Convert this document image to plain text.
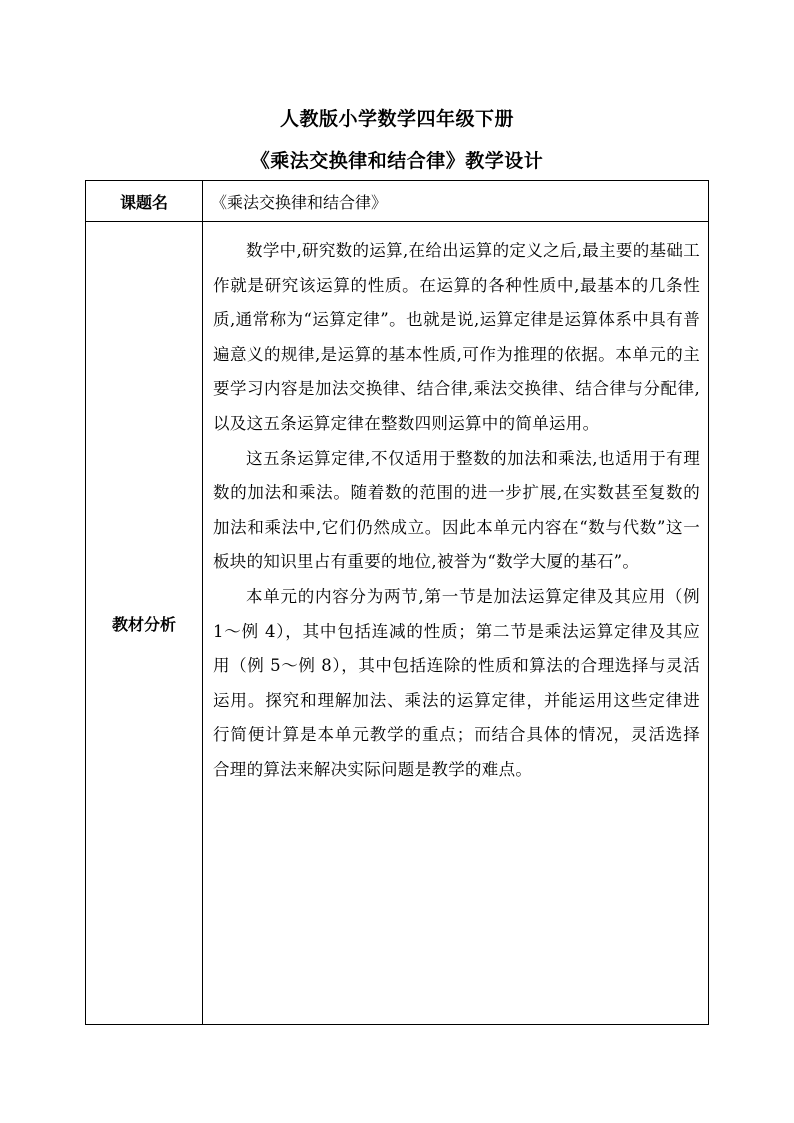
人教版小学数学四年级下册
《乘法交换律和结合律》教学设计
课题名	《乘法交换律和结合律》
教材分析	数学中,研究数的运算,在给出运算的定义之后,最主要的基础工作就是研究该运算的性质。在运算的各种性质中,最基本的几条性质,通常称为“运算定律”。也就是说,运算定律是运算体系中具有普遍意义的规律,是运算的基本性质,可作为推理的依据。本单元的主要学习内容是加法交换律、结合律,乘法交换律、结合律与分配律,以及这五条运算定律在整数四则运算中的简单运用。

这五条运算定律,不仅适用于整数的加法和乘法,也适用于有理数的加法和乘法。随着数的范围的进一步扩展,在实数甚至复数的加法和乘法中,它们仍然成立。因此本单元内容在“数与代数”这一板块的知识里占有重要的地位,被誉为“数学大厦的基石”。

本单元的内容分为两节,第一节是加法运算定律及其应用（例 1～例 4），其中包括连减的性质；第二节是乘法运算定律及其应用（例 5～例 8），其中包括连除的性质和算法的合理选择与灵活运用。探究和理解加法、乘法的运算定律，并能运用这些定律进行简便计算是本单元教学的重点；而结合具体的情况，灵活选择合理的算法来解决实际问题是教学的难点。
